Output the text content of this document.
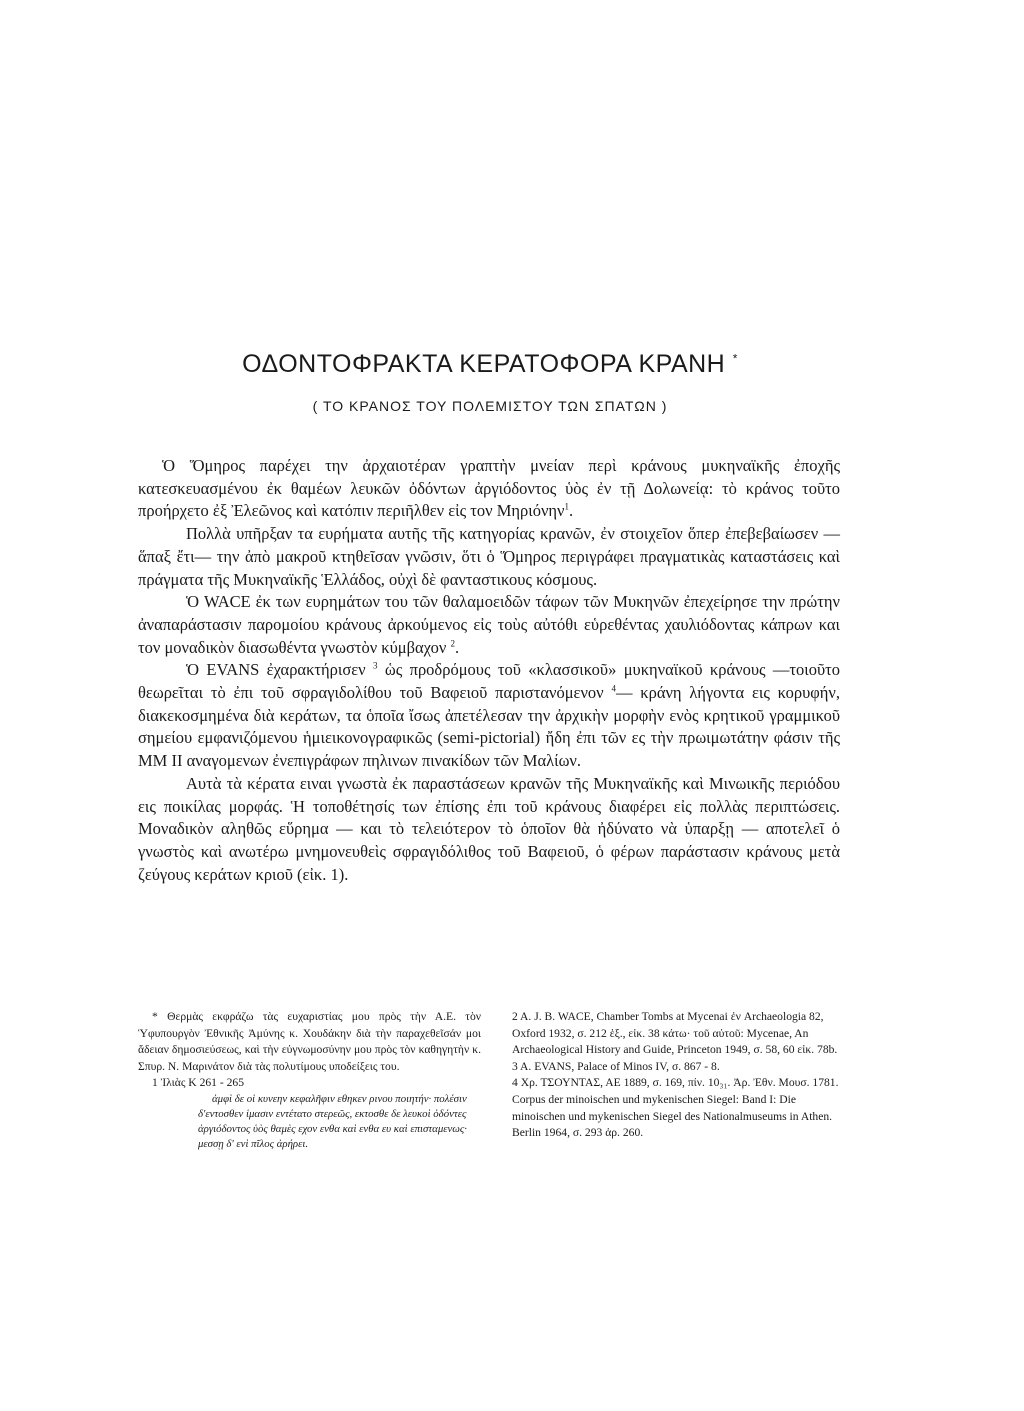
ΟΔΟΝΤΟΦΡΑΚΤΑ ΚΕΡΑΤΟΦΟΡΑ ΚΡΑΝΗ *
( ΤΟ ΚΡΑΝΟΣ ΤΟΥ ΠΟΛΕΜΙΣΤΟΥ ΤΩΝ ΣΠΑΤΩΝ )

Ὁ Ὅμηρος παρέχει την ἀρχαιοτέραν γραπτὴν μνείαν περὶ κράνους μυκηναϊκῆς ἐποχῆς κατεσκευασμένου ἐκ θαμέων λευκῶν ὀδόντων ἀργιόδοντος ὑὸς ἐν τῇ Δολωνείᾳ: τὸ κράνος τοῦτο προήρχετο ἐξ Ἐλεῶνος καὶ κατόπιν περιῆλθεν εἰς τον Μηριόνην$^1$.

Πολλὰ υπῆρξαν τα ευρήματα αυτῆς τῆς κατηγορίας κρανῶν, ἐν στοιχεῖον ὅπερ ἐπεβεβαίωσεν —ἅπαξ ἔτι— την ἀπὸ μακροῦ κτηθεῖσαν γνῶσιν, ὅτι ὁ Ὅμηρος περιγράφει πραγματικὰς καταστάσεις καὶ πράγματα τῆς Μυκηναϊκῆς Ἑλλάδος, οὐχὶ δὲ φανταστικους κόσμους.

Ὁ WACE ἐκ των ευρημάτων του τῶν θαλαμοειδῶν τάφων τῶν Μυκηνῶν ἐπεχείρησε την πρώτην ἀναπαράστασιν παρομοίου κράνους ἀρκούμενος εἰς τοὺς αὐτόθι εὑρεθέντας χαυλιόδοντας κάπρων και τον μοναδικὸν διασωθέντα γνωστὸν κύμβαχον $^2$.

Ὁ EVANS ἐχαρακτήρισεν $^3$ ὡς προδρόμους τοῦ «κλασσικοῦ» μυκηναϊκοῦ κράνους —τοιοῦτο θεωρεῖται τὸ ἐπι τοῦ σφραγιδολίθου τοῦ Βαφειοῦ παριστανόμενον $^4$— κράνη λήγοντα εις κορυφήν, διακεκοσμημένα διὰ κεράτων, τα ὁποῖα ἴσως ἀπετέλεσαν την ἀρχικὴν μορφὴν ενὸς κρητικοῦ γραμμικοῦ σημείου εμφανιζόμενου ἡμιεικονογραφικῶς (semi-pictorial) ἤδη ἐπι τῶν ες τὴν πρωιμωτάτην φάσιν τῆς ΜΜ ΙΙ αναγομενων ἐνεπιγράφων πηλινων πινακίδων τῶν Μαλίων.

Αυτὰ τὰ κέρατα ειναι γνωστὰ ἐκ παραστάσεων κρανῶν τῆς Μυκηναϊκῆς καὶ Μινωικῆς περιόδου εις ποικίλας μορφάς. Ἡ τοποθέτησίς των ἐπίσης ἐπι τοῦ κράνους διαφέρει εἰς πολλὰς περιπτώσεις. Μοναδικὸν αληθῶς εὕρημα — και τὸ τελειότερον τὸ ὁποῖον θὰ ἠδύνατο νὰ ὑπαρξῃ — αποτελεῖ ὁ γνωστὸς καὶ ανωτέρω μνημονευθεὶς σφραγιδόλιθος τοῦ Βαφειοῦ, ὁ φέρων παράστασιν κράνους μετὰ ζεύγους κεράτων κριοῦ (εἰκ. 1).

* Θερμὰς εκφράζω τὰς ευχαριστίας μου πρὸς τὴν Α.Ε. τὸν Ὑφυπουργὸν Ἐθνικῆς Ἀμύνης κ. Χουδάκην διὰ τὴν παραχεθεῖσάν μοι ἄδειαν δημοσιεύσεως, καὶ τὴν εὐγνωμοσύνην μου πρὸς τὸν καθηγητὴν κ. Σπυρ. Ν. Μαρινάτον διὰ τὰς πολυτίμους υποδείξεις του.

1 Ἰλιὰς Κ 261 - 265

ἀμφὶ δε οἱ κυνεην κεφαλῆφιν εθηκεν ρινου ποιητήν· πολέσιν δ'εντοσθεν ἱμασιν εντέτατο στερεῶς, εκτοσθε δε λευκοὶ ὀδόντες ἀργιόδοντος ὑὸς θαμὲς εχον ενθα καὶ ενθα ευ καὶ επισταμενως· μεσσῃ δ' ενὶ πῖλος ἀρήρει.

2 A. J. B. WACE, Chamber Tombs at Mycenai ἐν Archaeologia 82, Oxford 1932, σ. 212 ἑξ., εἰκ. 38 κάτω· τοῦ αὐτοῦ: Mycenae, An Archaeological History and Guide, Princeton 1949, σ. 58, 60 εἰκ. 78b.

3 A. EVANS, Palace of Minos IV, σ. 867 - 8.

4 Χρ. ΤΣΟΥΝΤΑΣ, ΑΕ 1889, σ. 169, πίν. 10₃₁. Ἀρ. Ἐθν. Μουσ. 1781. Corpus der minoischen und mykenischen Siegel: Band I: Die minoischen und mykenischen Siegel des Nationalmuseums in Athen. Berlin 1964, σ. 293 ἀρ. 260.
